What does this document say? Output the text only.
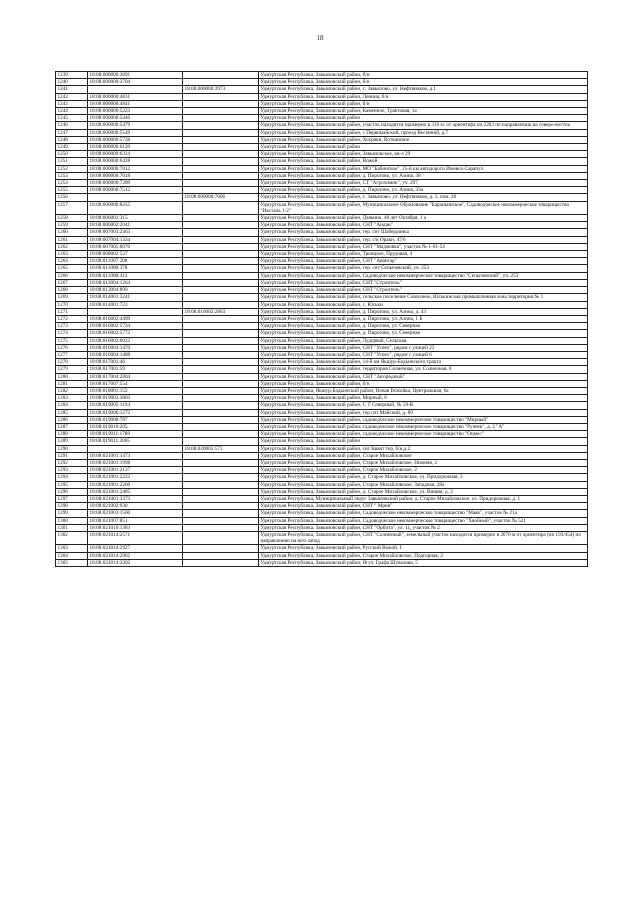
18
1239	18:08:000000:3691		Удмуртская Республика, Завьяловский район, б/н
1240	18:08:000000:3704		Удмуртская Республика, Завьяловский район, б/н
1241		18:08:000000:3973	Удмуртская Республика, Завьяловский район, с. Завьялово, ул. Нефтяников, д.1
1242	18:08:000000:4831		Удмуртская Республика, Завьяловский район, Ленина, б/н
1243	18:08:000000:4841		Удмуртская Республика, Завьяловский район, б/н
1244	18:08:000000:5223		Удмуртская Республика, Завьяловский район, Каменное, Трактовая, 1а
1245	18:08:000000:5446		Удмуртская Республика, Завьяловский район
1246	18:08:000000:5479		Удмуртская Республика, Завьяловский район, участок находится примерно в 310 м. от ориентира пп 2203 по направлению на северо-восток
1247	18:08:000000:5549		Удмуртская Республика, Завьяловский район, с Первомайский, проезд Весенний, д.7
1248	18:08:000000:5728		Удмуртская Республика, Завьяловский район, Хохряки, Вотканское
1249	18:08:000000:6120		Удмуртская Республика, Завьяловский район
1250	18:08:000000:6324		Удмуртская Республика, Завьяловский район, Завьяловское, кв-л 29
1251	18:08:000000:6428		Удмуртская Республика, Завьяловский район, Вожой
1252	18:08:000000:7012		Удмуртская Республика, Завьяловский район, МО "Бабинское", 25-й км автодороги Ижевск-Сарапул
1253	18:08:000000:7018		Удмуртская Республика, Завьяловский район, д. Пирогово, ул. Азина, 38
1254	18:08:000000:7289		Удмуртская Республика, Завьяловский район, СТ "Агрохимик", уч. 297
1255	18:08:000000:7512		Удмуртская Республика, Завьяловский район, д. Пирогово, ул. Азина, 33а
1256		18:08:000000:7606	Удмуртская Республика, Завьяловский район, с. Завьялово, ул. Нефтяников, д. 1, пом. 26
1257	18:08:000000:8255		Удмуртская Республика, Завьяловский район, Муниципальное Образование "Бараньинское", Садоводческое некоммерческое товарищество "Иксталь 1-2"
1258	18:08:006001:315		Удмуртская Республика, Завьяловский район, Дзякино, 40 лет Октября, 1 а
1259	18:08:006002:2041		Удмуртская Республика, Завьяловский район, СНТ "Андан"
1260	18:08:007003:2363		Удмуртская Республика, Завьяловский район, тер. снт Шабердинка
1261	18:08:007004:1334		Удмуртская Республика, Завьяловский район, тер. с/к Оракн, 47/6
1262	18:08:007005:8070		Удмуртская Республика, Завьяловский район, СНТ "Мадмовка", участок № 1-01-54
1263	18:08:008002:537		Удмуртская Республика, Завьяловский район, Троицкое, Прудовая, 4
1264	18:08:011007:208		Удмуртская Республика, Завьяловский район, СНТ "Авангар"
1265	18:08:011008:378		Удмуртская Республика, Завьяловский район, тер. снт Сепычевский, уч. 253
1266	18:08:011008:413		Удмуртская Республика, Завьяловский район, Садоводческое некоммерческое товарищество "Сепычевский", уч. 253
1267	18:08:013004:1264		Удмуртская Республика, Завьяловский район, СНТ "Строитель"
1268	18:08:013004:899		Удмуртская Республика, Завьяловский район, СНТ "Строитель"
1269	18:08:014001:3241		Удмуртская Республика, Завьяловский район, сельское поселение Совхозное, Юськинская промышленная зона территория № 1
1270	18:08:014001:723		Удмуртская Республика, Завьяловский район, с. Юськи
1271		18:08:016002:2863	Удмуртская Республика, Завьяловский район, д. Пирогово, ул. Азина, д. 43
1272	18:08:016002:4499		Удмуртская Республика, Завьяловский район, д. Пирогово, ул. Азина, 1 Б
1273	18:08:016002:5734		Удмуртская Республика, Завьяловский район, д. Пирогово, ул. Северная
1274	18:08:016002:5772		Удмуртская Республика, Завьяловский район, д. Пирогово, ул. Северная
1275	18:08:016002:6022		Удмуртская Республика, Завьяловский район, Лудорвай, Сельская
1276	18:08:016004:1470		Удмуртская Республика, Завьяловский район, СНТ "Успех", рядом с улицей 22
1277	18:08:016004:1488		Удмуртская Республика, Завьяловский район, СНТ "Успех", рядом с улицей 6
1278	18:08:017001:46		Удмуртская Республика, Завьяловский район, 14-й км Якшур-Бодьинского тракта
1279	18:08:017001:59		Удмуртская Республика, Завьяловский район, территория Солнечная, ул. Солнечная, 8
1280	18:08:017004:2804		Удмуртская Республика, Завьяловский район, СНТ "Загородный"
1281	18:08:017007:554		Удмуртская Республика, Завьяловский район, б/н
1282	18:08:018001:152		Удмуртская Республика, Якшур-Бодьинский район, Новая Вожойка, Центральная, 6а
1283	18:08:019003:3803		Удмуртская Республика, Завьяловский район, Мирный, 6
1284	18:08:019005:1194		Удмуртская Республика, Завьяловский район, С Т Северный, № 59-В
1285	18:08:019006:1272		Удмуртская Республика, Завьяловский район, тер снт Майский, д. 89
1286	18:08:019008:787		Удмуртская Республика, Завьяловский район, садоводческое некоммерческое товарищество "Мирный"
1287	18:08:019010:205		Удмуртская Республика, Завьяловский район, садоводческое некоммерческое товарищество "Ручеек", д. 2 "А"
1288	18:08:019011:1788		Удмуртская Республика, Завьяловский район, садоводческое некоммерческое товарищество "Оцмес"
1289	18:08:019011:2065		Удмуртская Республика, Завьяловский район
1290		18:08:020005:573	Удмуртская Республика, Завьяловский район, снт Квант тер, б/н,д.2
1291	18:08:021001:1473		Удмуртская Республика, Завьяловский район, Старое Михайловское
1292	18:08:021001:1998		Удмуртская Республика, Завьяловский район, Старое Михайловское, Нижняя, 2
1293	18:08:021001:2137		Удмуртская Республика, Завьяловский район, Старое Михайловское, 2
1294	18:08:021001:2222		Удмуртская Республика, Завьяловский район, д. Старое Михайловское, ул. Придорожная, 3
1295	18:08:021001:2260		Удмуртская Республика, Завьяловский район, Старое Михайловское, Западная, 28а
1296	18:08:021001:2485		Удмуртская Республика, Завьяловский район, д. Старое Михайловское, ул. Вишня, д. 2
1297	18:08:021001:3373		Удмуртская Республика, Муниципальный округ Завьяловский район, д. Старое Михайловское, ул. Придорожная, д. 1
1298	18:08:021002:930		Удмуртская Республика, Завьяловский район, СНТ " Мрия"
1299	18:08:021003:1560		Удмуртская Республика, Завьяловский район, Садоводческое некоммерческое товарищество "Маяк", участок № 21а
1300	18:08:021007:851		Удмуртская Республика, Завьяловский район, Садоводческое некоммерческое товарищество "Хвойный", участок № 521
1301	18:08:021010:1383		Удмуртская Республика, Завьяловский район, СНТ "Орбита", ул. 11, участок № 2
1302	18:08:021014:2571		Удмуртская Республика, Завьяловский район, СНТ "Солнечный", земельный участок находится примерно в 2670 м от ориентира (пп 193/454) по направлению на юго-запад
1303	18:08:021014:2927		Удмуртская Республика, Завьяловский район, Русский Вожой, 1
1304	18:08:021014:2962		Удмуртская Республика, Завьяловский район, Старое Михайловское, Подгорная, 2
1305	18:08:021014:3302		Удмуртская Республика, Завьяловский район, Ягул, Графа Шувалова, 5
